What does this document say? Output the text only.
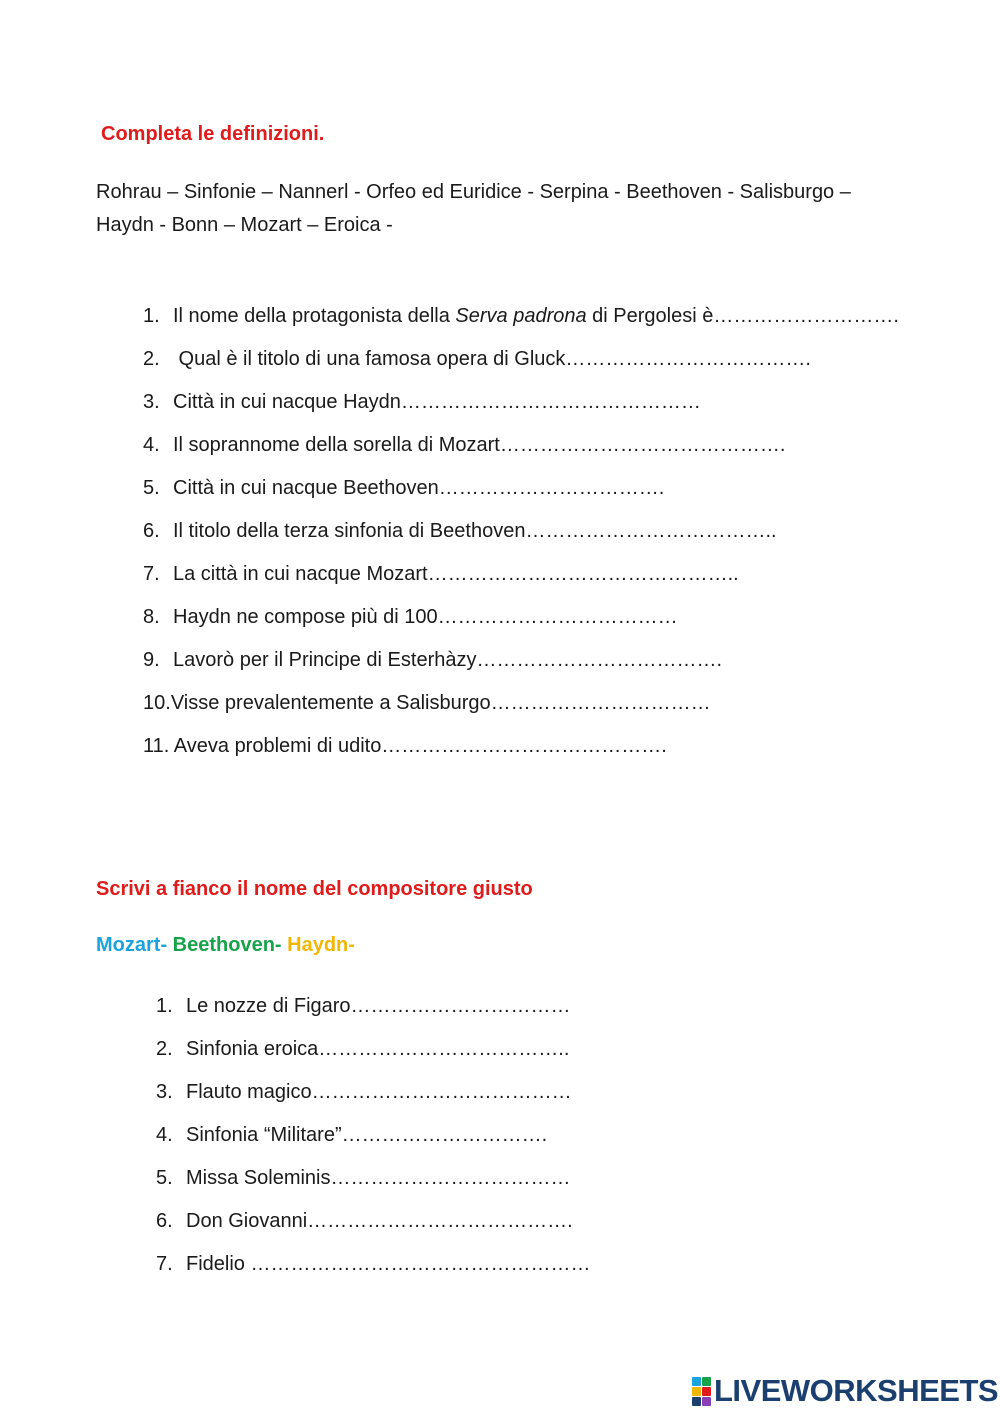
Completa le definizioni.
Rohrau – Sinfonie – Nannerl - Orfeo ed Euridice - Serpina - Beethoven - Salisburgo –
Haydn - Bonn – Mozart – Eroica -
1. Il nome della protagonista della Serva padrona di Pergolesi è……………………….
2. Qual è il titolo di una famosa opera di Gluck……………………………….
3. Città in cui nacque Haydn………………………………………
4. Il soprannome della sorella di Mozart…………………………………….
5. Città in cui nacque Beethoven…………………………….
6. Il titolo della terza sinfonia di Beethoven………………………………..
7. La città in cui nacque Mozart………………………………………..
8. Haydn ne compose più di 100………………………………
9. Lavorò per il Principe di Esterhàzy……………………………….
10.Visse prevalentemente a Salisburgo……………………………
11. Aveva problemi di udito…………………………………….
Scrivi a fianco il nome del compositore giusto
Mozart- Beethoven- Haydn-
1. Le nozze di Figaro……………………………
2. Sinfonia eroica………………………………..
3. Flauto magico…………………………………
4. Sinfonia “Militare”………………………….
5. Missa Soleminis………………………………
6. Don Giovanni………………………………….
7. Fidelio ……………………………………………
LIVEWORKSHEETS
